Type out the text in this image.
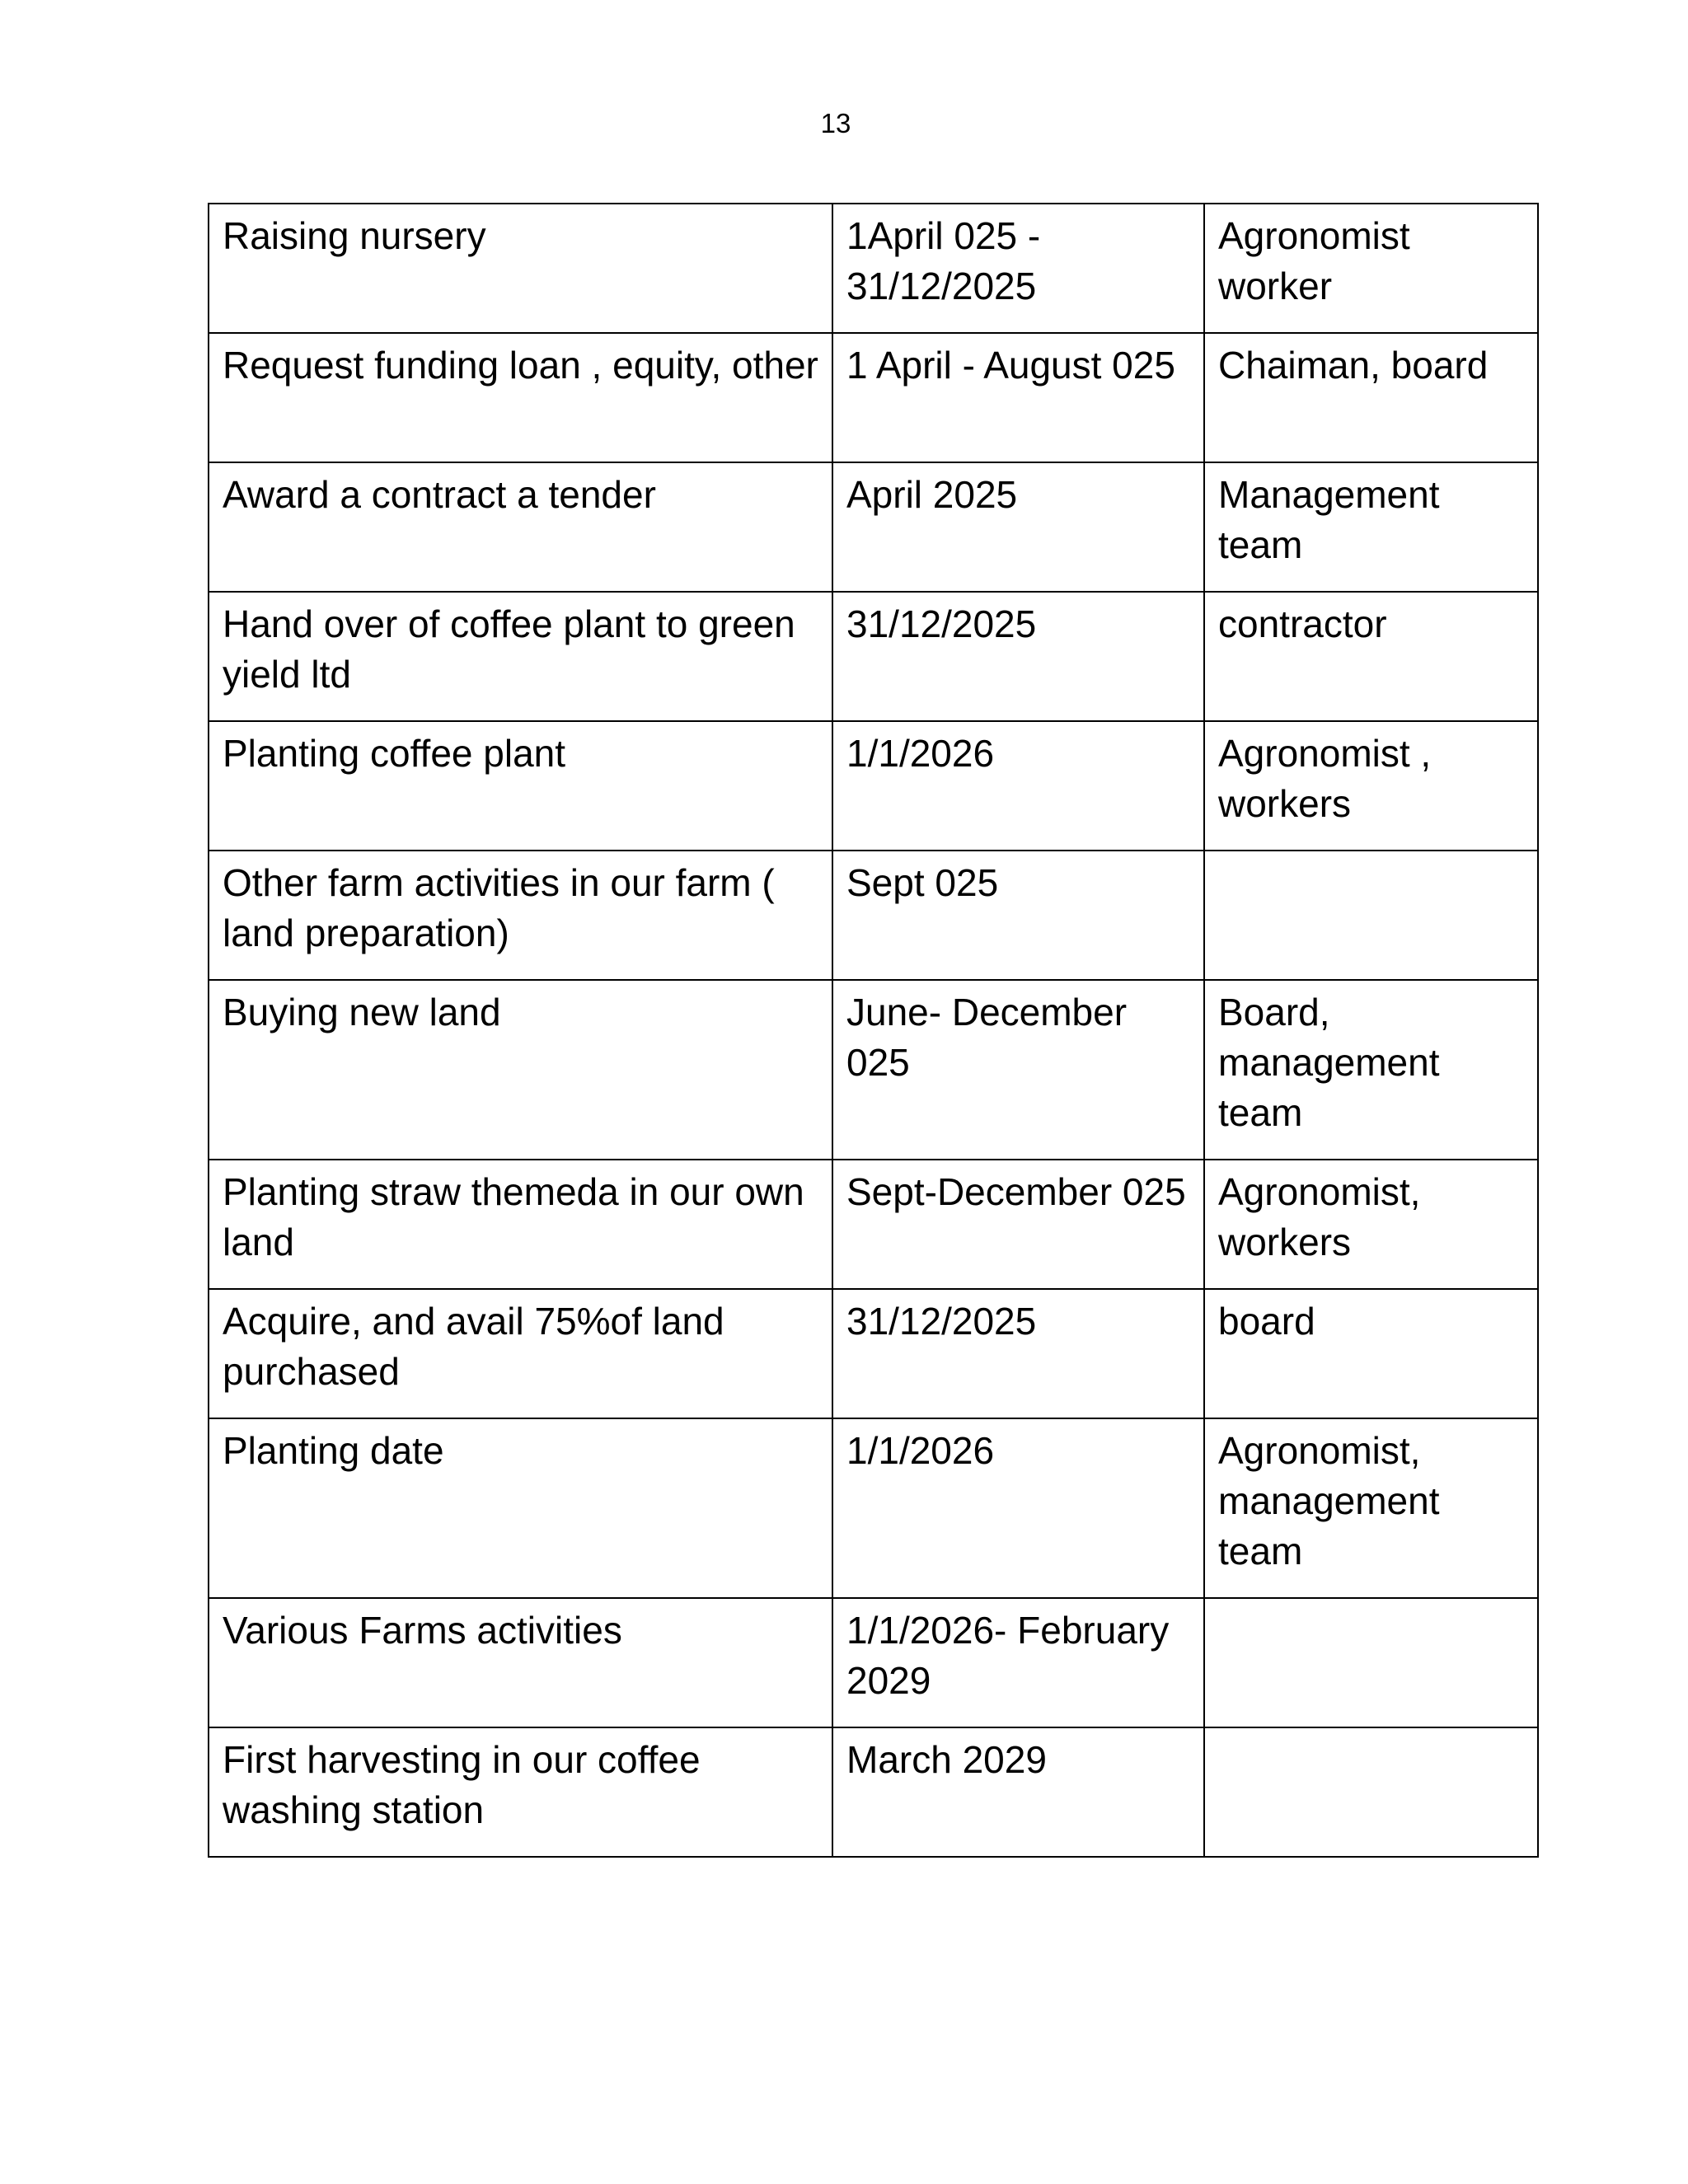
13
Raising nursery	1April 025 - 31/12/2025	Agronomist worker
Request funding loan , equity, other	1 April - August 025	Chaiman, board
Award a contract a tender	April 2025	Management team
Hand over of coffee plant to green yield ltd	31/12/2025	contractor
Planting coffee plant	1/1/2026	Agronomist , workers
Other farm activities in our farm ( land preparation)	Sept 025	
Buying new land	June- December 025	Board, management team
Planting straw themeda in our own land	Sept-December 025	Agronomist, workers
Acquire, and avail 75%of land purchased	31/12/2025	board
Planting date	1/1/2026	Agronomist, management team
Various Farms activities	1/1/2026- February 2029	
First harvesting in our coffee washing station	March 2029	
